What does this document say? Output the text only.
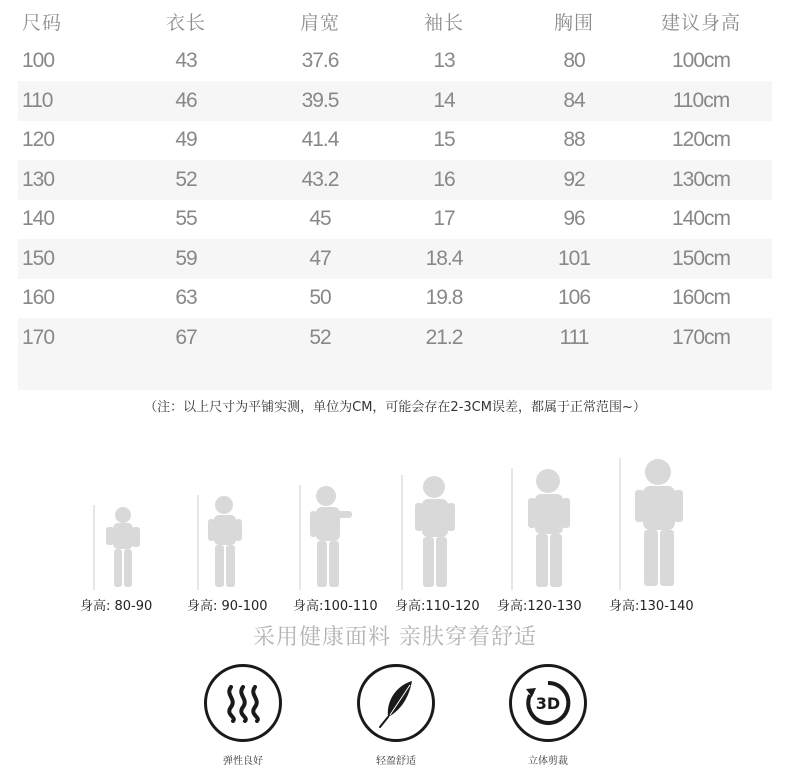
尺码	衣长	肩宽	袖长	胸围	建议身高
100	43	37.6	13	80	100cm
110	46	39.5	14	84	110cm
120	49	41.4	15	88	120cm
130	52	43.2	16	92	130cm
140	55	45	17	96	140cm
150	59	47	18.4	101	150cm
160	63	50	19.8	106	160cm
170	67	52	21.2	111	170cm
（注：以上尺寸为平铺实测，单位为CM，可能会存在2-3CM误差，都属于正常范围~）
身高: 80-90	身高: 90-100 身高:100-110 身高:110-120 身高:120-130 身高:130-140
采用健康面料 亲肤穿着舒适
弹性良好	轻盈舒适
3D
立体剪裁
